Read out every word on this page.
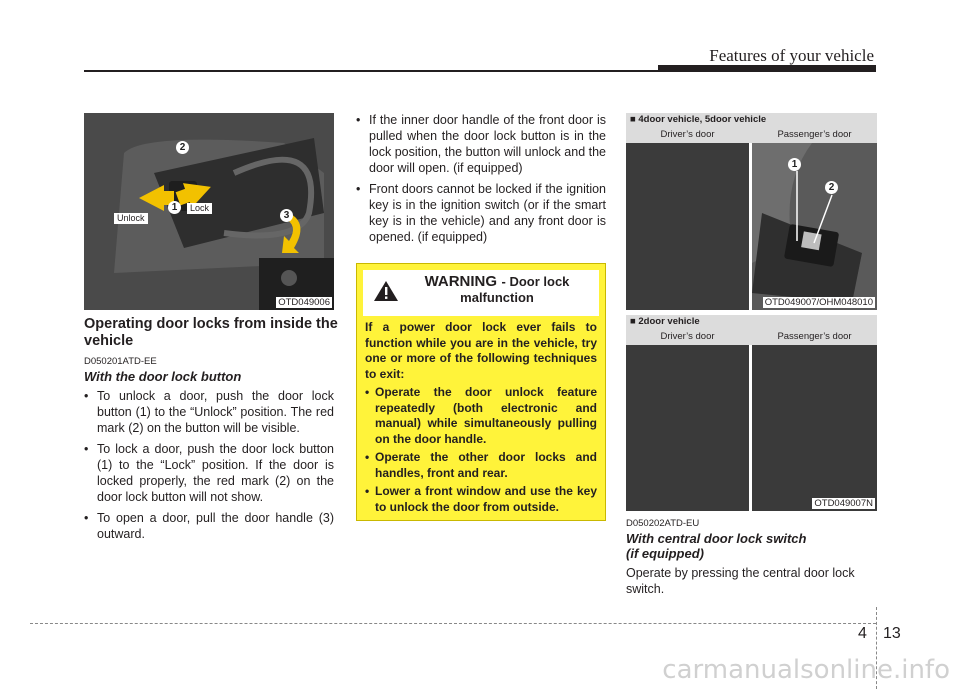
Features of your vehicle
1
2
3
Unlock
Lock
OTD049006
Operating door locks from inside the vehicle
D050201ATD-EE
With the door lock button
• To unlock a door, push the door lock button (1) to the “Unlock” position. The red mark (2) on the button will be visible.
• To lock a door, push the door lock button (1) to the “Lock” position. If the door is locked properly, the red mark (2) on the door lock button will not show.
• To open a door, pull the door handle (3) outward.
• If the inner door handle of the front door is pulled when the door lock button is in the lock position, the button will unlock and the door will open. (if equipped)
• Front doors cannot be locked if the ignition key is in the ignition switch (or if the smart key is in the vehicle) and any front door is opened. (if equipped)
WARNING - Door lock malfunction
If a power door lock ever fails to function while you are in the vehicle, try one or more of the following techniques to exit:
• Operate the door unlock feature repeatedly (both electronic and manual) while simultaneously pulling on the door handle.
• Operate the other door locks and handles, front and rear.
• Lower a front window and use the key to unlock the door from outside.
■ 4door vehicle, 5door vehicle
Driver’s door	Passenger’s door
1
2
OTD049007/OHM048010
■ 2door vehicle
Driver’s door	Passenger’s door
OTD049007N
D050202ATD-EU
With central door lock switch
(if equipped)
Operate by pressing the central door lock switch.
4 13
carmanualsonline.info
